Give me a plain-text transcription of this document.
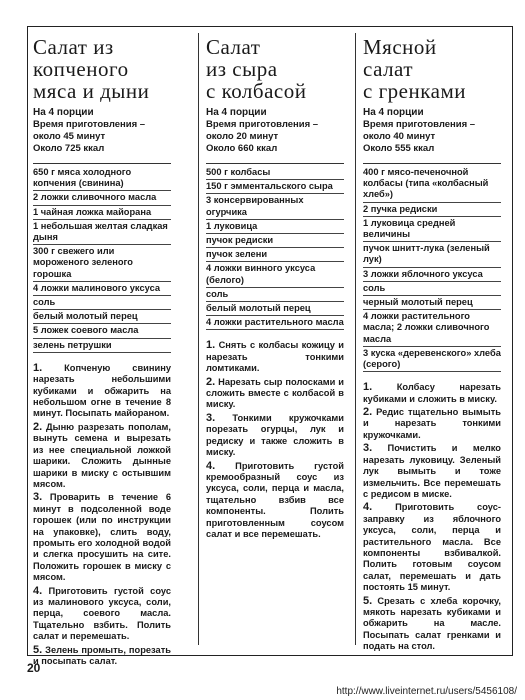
Салат из
копченого
мяса и дыни
На 4 порции
Время приготовления –
около 45 минут
Около 725 ккал
650 г мяса холодного копчения (свинина)
2 ложки сливочного масла
1 чайная ложка майорана
1 небольшая желтая сладкая дыня
300 г свежего или мороженого зеленого горошка
4 ложки малинового уксуса
соль
белый молотый перец
5 ложек соевого масла
зелень петрушки
1. Копченую свинину нарезать небольшими кубиками и обжарить на небольшом огне в течение 8 минут. Посыпать майораном.
2. Дыню разрезать пополам, вынуть семена и вырезать из нее специальной ложкой шарики. Сложить дынные шарики в миску с остывшим мясом.
3. Проварить в течение 6 минут в подсоленной воде горошек (или по инструкции на упаковке), слить воду, промыть его холодной водой и слегка просушить на сите. Положить горошек в миску с мясом.
4. Приготовить густой соус из малинового уксуса, соли, перца, соевого масла. Тщательно взбить. Полить салат и перемешать.
5. Зелень промыть, порезать и посыпать салат.
Салат
из сыра
с колбасой
На 4 порции
Время приготовления –
около 20 минут
Около 660 ккал
500 г колбасы
150 г эмментальского сыра
3 консервированных огурчика
1 луковица
пучок редиски
пучок зелени
4 ложки винного уксуса (белого)
соль
белый молотый перец
4 ложки растительного масла
1. Снять с колбасы кожицу и нарезать тонкими ломтиками.
2. Нарезать сыр полосками и сложить вместе с колбасой в миску.
3. Тонкими кружочками порезать огурцы, лук и редиску и также сложить в миску.
4. Приготовить густой кремообразный соус из уксуса, соли, перца и масла, тщательно взбив все компоненты. Полить приготовленным соусом салат и все перемешать.
Мясной
салат
с гренками
На 4 порции
Время приготовления –
около 40 минут
Около 555 ккал
400 г мясо-печеночной колбасы (типа «колбасный хлеб»)
2 пучка редиски
1 луковица средней величины
пучок шнитт-лука (зеленый лук)
3 ложки яблочного уксуса
соль
черный молотый перец
4 ложки растительного масла; 2 ложки сливочного масла
3 куска «деревенского» хлеба (серого)
1.	Колбасу нарезать кубиками и сложить в миску.
2. Редис тщательно вымыть и нарезать тонкими кружочками.
3. Почистить и мелко нарезать луковицу. Зеленый лук вымыть и тоже измельчить. Все перемешать с редисом в миске.
4. Приготовить соус-заправку из яблочного уксуса, соли, перца и растительного масла. Все компоненты взбивалкой. Полить готовым соусом салат, перемешать и дать постоять 15 минут.
5. Срезать с хлеба корочку, мякоть нарезать кубиками и обжарить на масле. Посыпать салат гренками и подать на стол.
20
http://www.liveinternet.ru/users/5456108/
